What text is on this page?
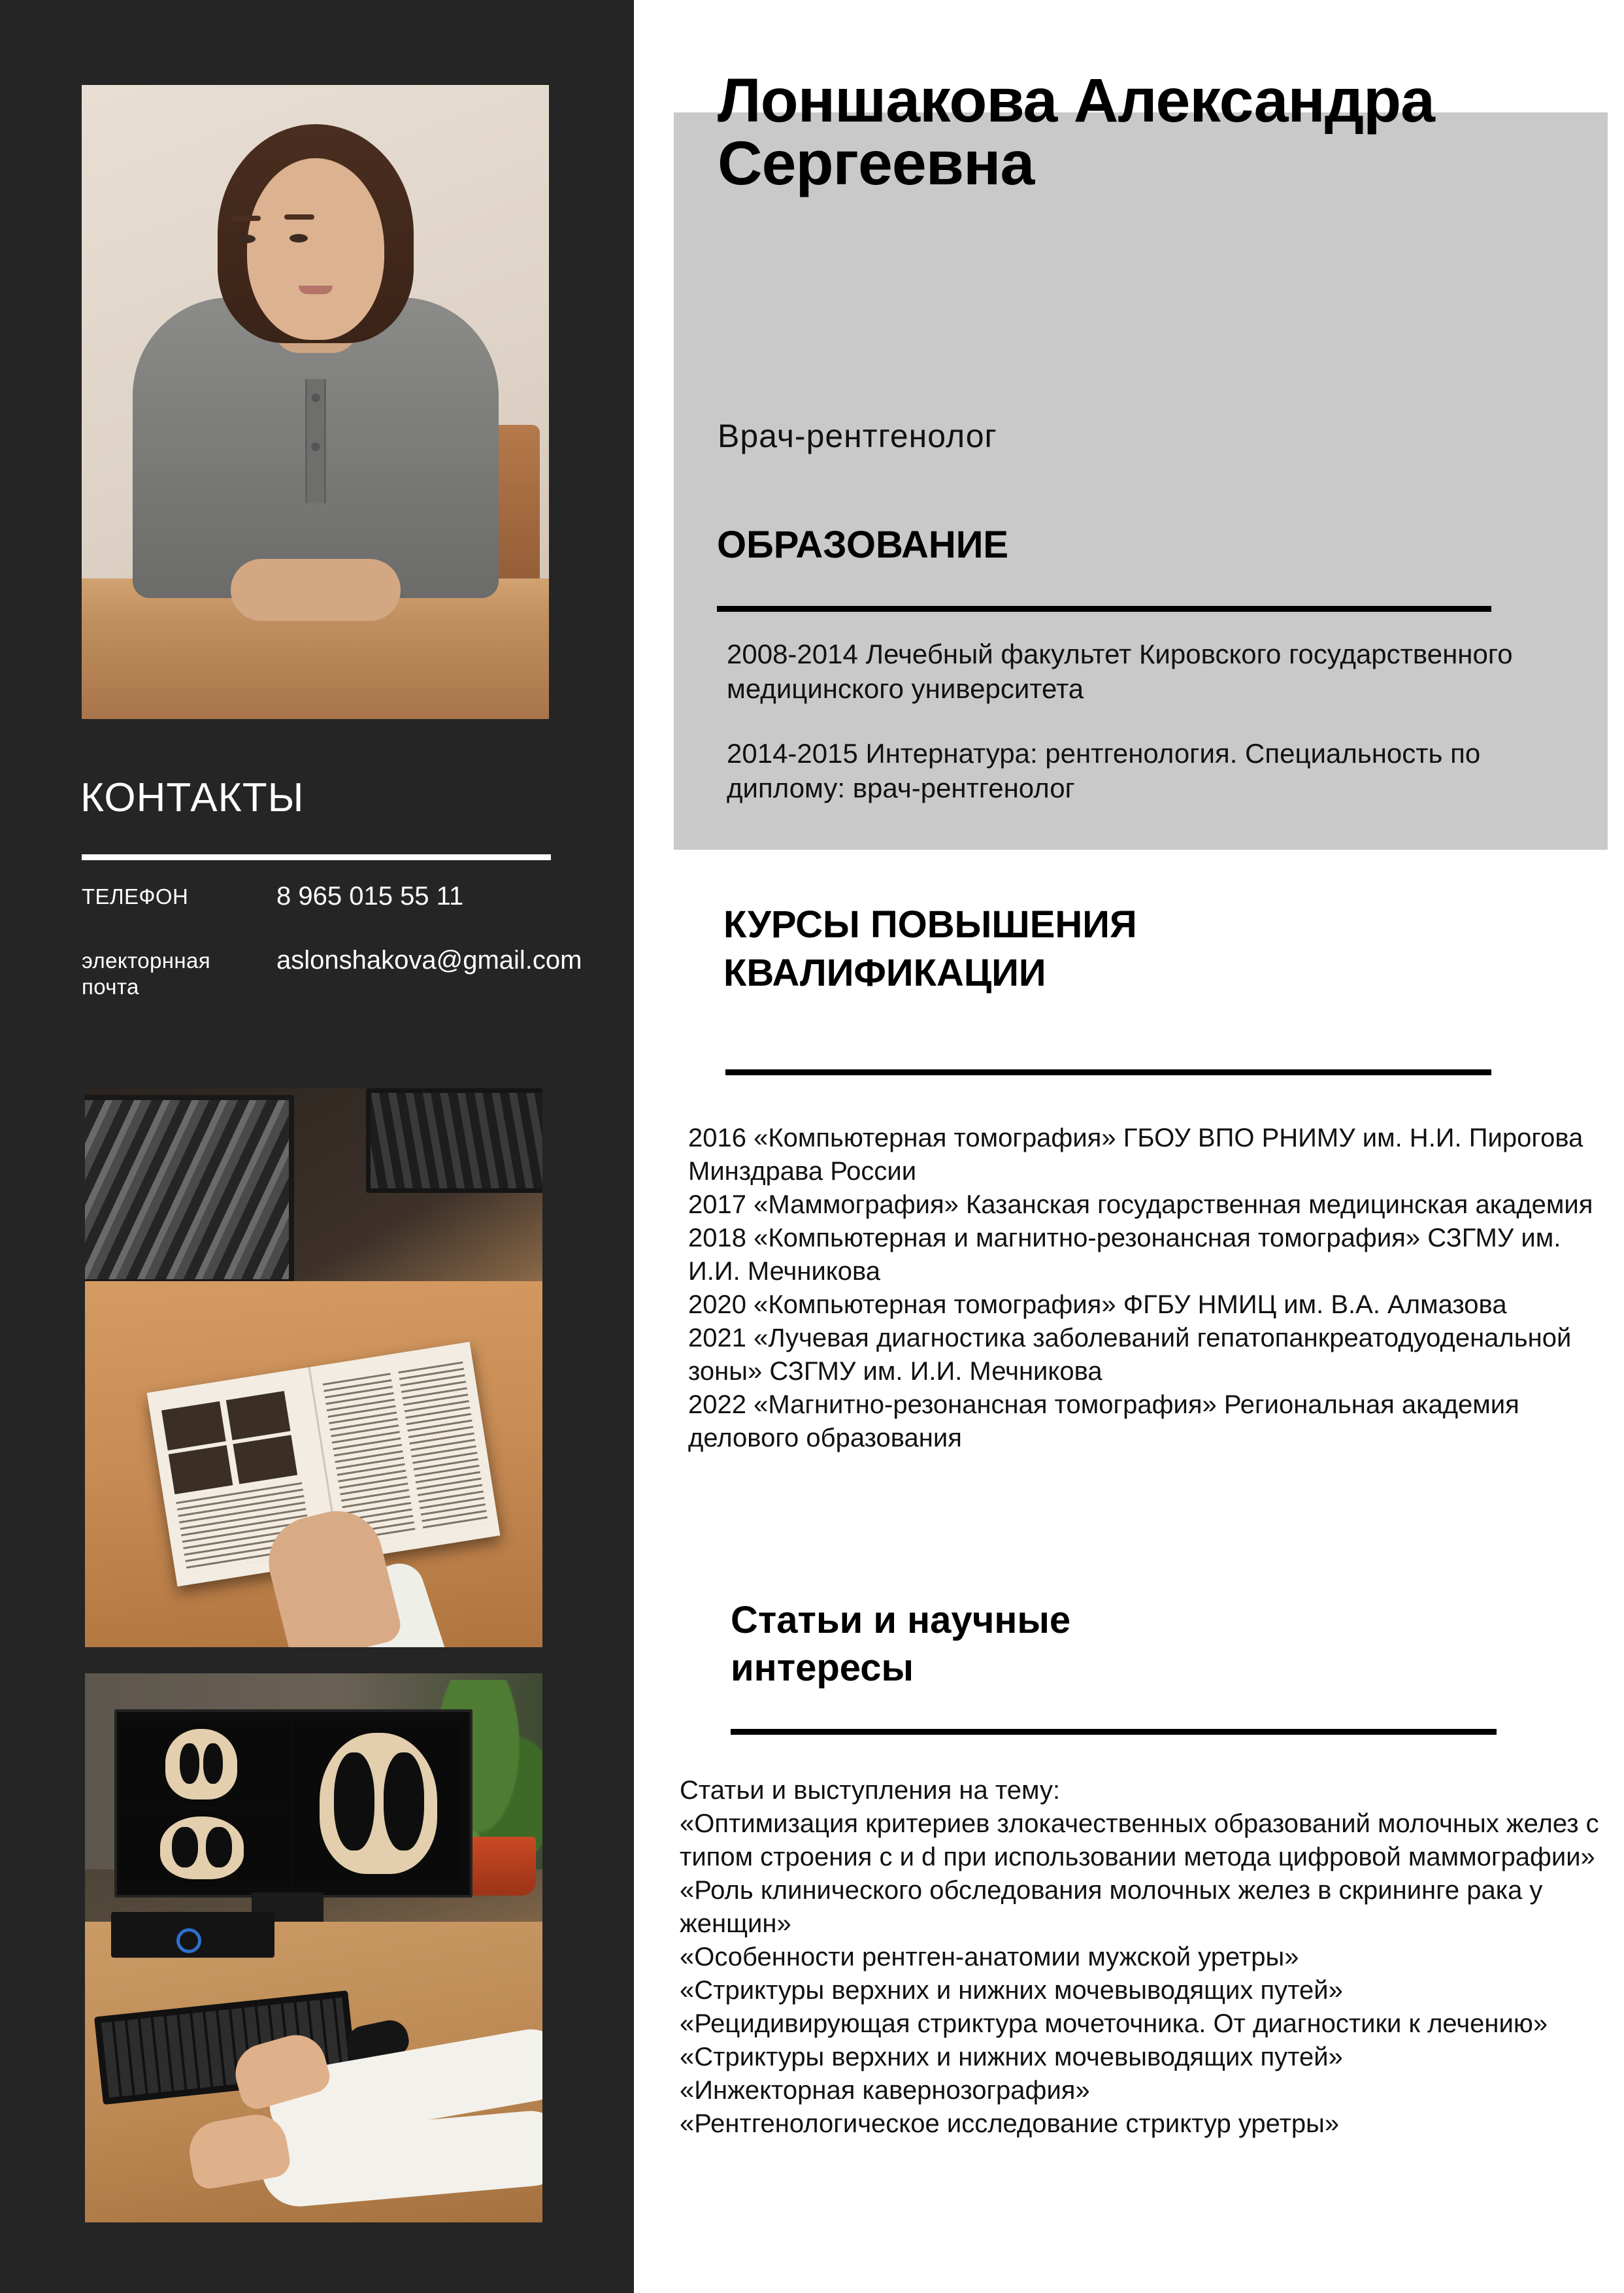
КОНТАКТЫ
ТЕЛЕФОН	8 965 015 55 11
электорнная почта
aslonshakova@gmail.com
Лоншакова Александра Сергеевна
Врач-рентгенолог
ОБРАЗОВАНИЕ

2008-2014 Лечебный факультет Кировского государственного медицинского университета

2014-2015 Интернатура: рентгенология. Специальность по диплому: врач-рентгенолог

КУРСЫ ПОВЫШЕНИЯ КВАЛИФИКАЦИИ
2016 «Компьютерная томография» ГБОУ ВПО РНИМУ им. Н.И. Пирогова Минздрава России
2017 «Маммография» Казанская государственная медицинская академия
2018 «Компьютерная и магнитно-резонансная томография» СЗГМУ им. И.И. Мечникова
2020 «Компьютерная томография» ФГБУ НМИЦ им. В.А. Алмазова
2021 «Лучевая диагностика заболеваний гепатопанкреатодуоденальной зоны» СЗГМУ им. И.И. Мечникова
2022 «Магнитно-резонансная томография» Региональная академия делового образования
Статьи и научные интересы
Статьи и выступления на тему:
«Оптимизация критериев злокачественных образований молочных желез с типом строения c и d при использовании метода цифровой маммографии»
«Роль клинического обследования молочных желез в скрининге рака у женщин»
«Особенности рентген-анатомии мужской уретры»
«Стриктуры верхних и нижних мочевыводящих путей»
«Рецидивирующая стриктура мочеточника. От диагностики к лечению»
«Стриктуры верхних и нижних мочевыводящих путей»
«Инжекторная кавернозография»
«Рентгенологическое исследование стриктур уретры»
